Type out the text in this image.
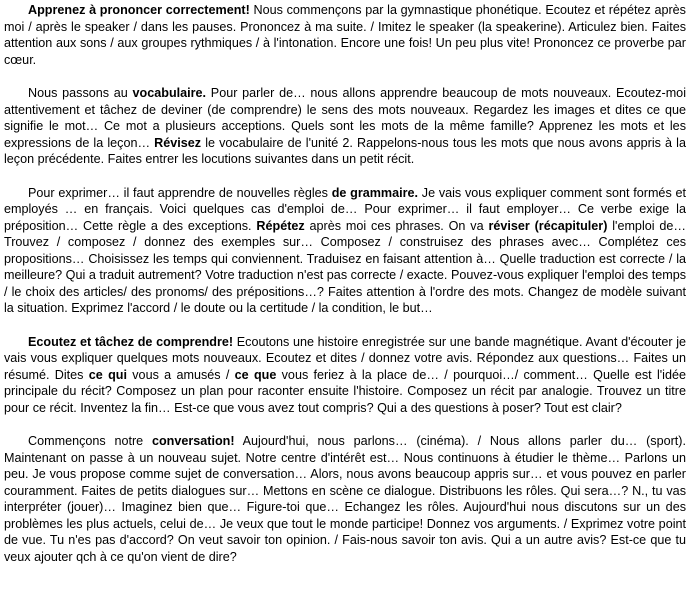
Apprenez à prononcer correctement! Nous commençons par la gymnastique phonétique. Ecoutez et répétez après moi / après le speaker / dans les pauses. Prononcez à ma suite. / Imitez le speaker (la speakerine). Articulez bien. Faites attention aux sons / aux groupes rythmiques / à l'intonation. Encore une fois! Un peu plus vite! Prononcez ce proverbe par cœur.

Nous passons au vocabulaire. Pour parler de… nous allons apprendre beaucoup de mots nouveaux. Ecoutez-moi attentivement et tâchez de deviner (de comprendre) le sens des mots nouveaux. Regardez les images et dites ce que signifie le mot… Ce mot a plusieurs acceptions. Quels sont les mots de la même famille? Apprenez les mots et les expressions de la leçon… Révisez le vocabulaire de l'unité 2. Rappelons-nous tous les mots que nous avons appris à la leçon précédente. Faites entrer les locutions suivantes dans un petit récit.

Pour exprimer… il faut apprendre de nouvelles règles de grammaire. Je vais vous expliquer comment sont formés et employés … en français. Voici quelques cas d'emploi de… Pour exprimer… il faut employer… Ce verbe exige la préposition… Cette règle a des exceptions. Répétez après moi ces phrases. On va réviser (récapituler) l'emploi de… Trouvez / composez / donnez des exemples sur… Composez / construisez des phrases avec… Complétez ces propositions… Choisissez les temps qui conviennent. Traduisez en faisant attention à… Quelle traduction est correcte / la meilleure? Qui a traduit autrement? Votre traduction n'est pas correcte / exacte. Pouvez-vous expliquer l'emploi des temps / le choix des articles/ des pronoms/ des prépositions…? Faites attention à l'ordre des mots. Changez de modèle suivant la situation. Exprimez l'accord / le doute ou la certitude / la condition, le but…

Ecoutez et tâchez de comprendre! Ecoutons une histoire enregistrée sur une bande magnétique. Avant d'écouter je vais vous expliquer quelques mots nouveaux. Ecoutez et dites / donnez votre avis. Répondez aux questions… Faites un résumé. Dites ce qui vous a amusés / ce que vous feriez à la place de… / pourquoi…/ comment… Quelle est l'idée principale du récit? Composez un plan pour raconter ensuite l'histoire. Composez un récit par analogie. Trouvez un titre pour ce récit. Inventez la fin… Est-ce que vous avez tout compris? Qui a des questions à poser? Tout est clair?

Commençons notre conversation! Aujourd'hui, nous parlons… (cinéma). / Nous allons parler du… (sport). Maintenant on passe à un nouveau sujet. Notre centre d'intérêt est… Nous continuons à étudier le thème… Parlons un peu. Je vous propose comme sujet de conversation… Alors, nous avons beaucoup appris sur… et vous pouvez en parler couramment. Faites de petits dialogues sur… Mettons en scène ce dialogue. Distribuons les rôles. Qui sera…? N., tu vas interpréter (jouer)… Imaginez bien que… Figure-toi que… Echangez les rôles. Aujourd'hui nous discutons sur un des problèmes les plus actuels, celui de… Je veux que tout le monde participe! Donnez vos arguments. / Exprimez votre point de vue. Tu n'es pas d'accord? On veut savoir ton opinion. / Fais-nous savoir ton avis. Qui a un autre avis? Est-ce que tu veux ajouter qch à ce qu'on vient de dire?
